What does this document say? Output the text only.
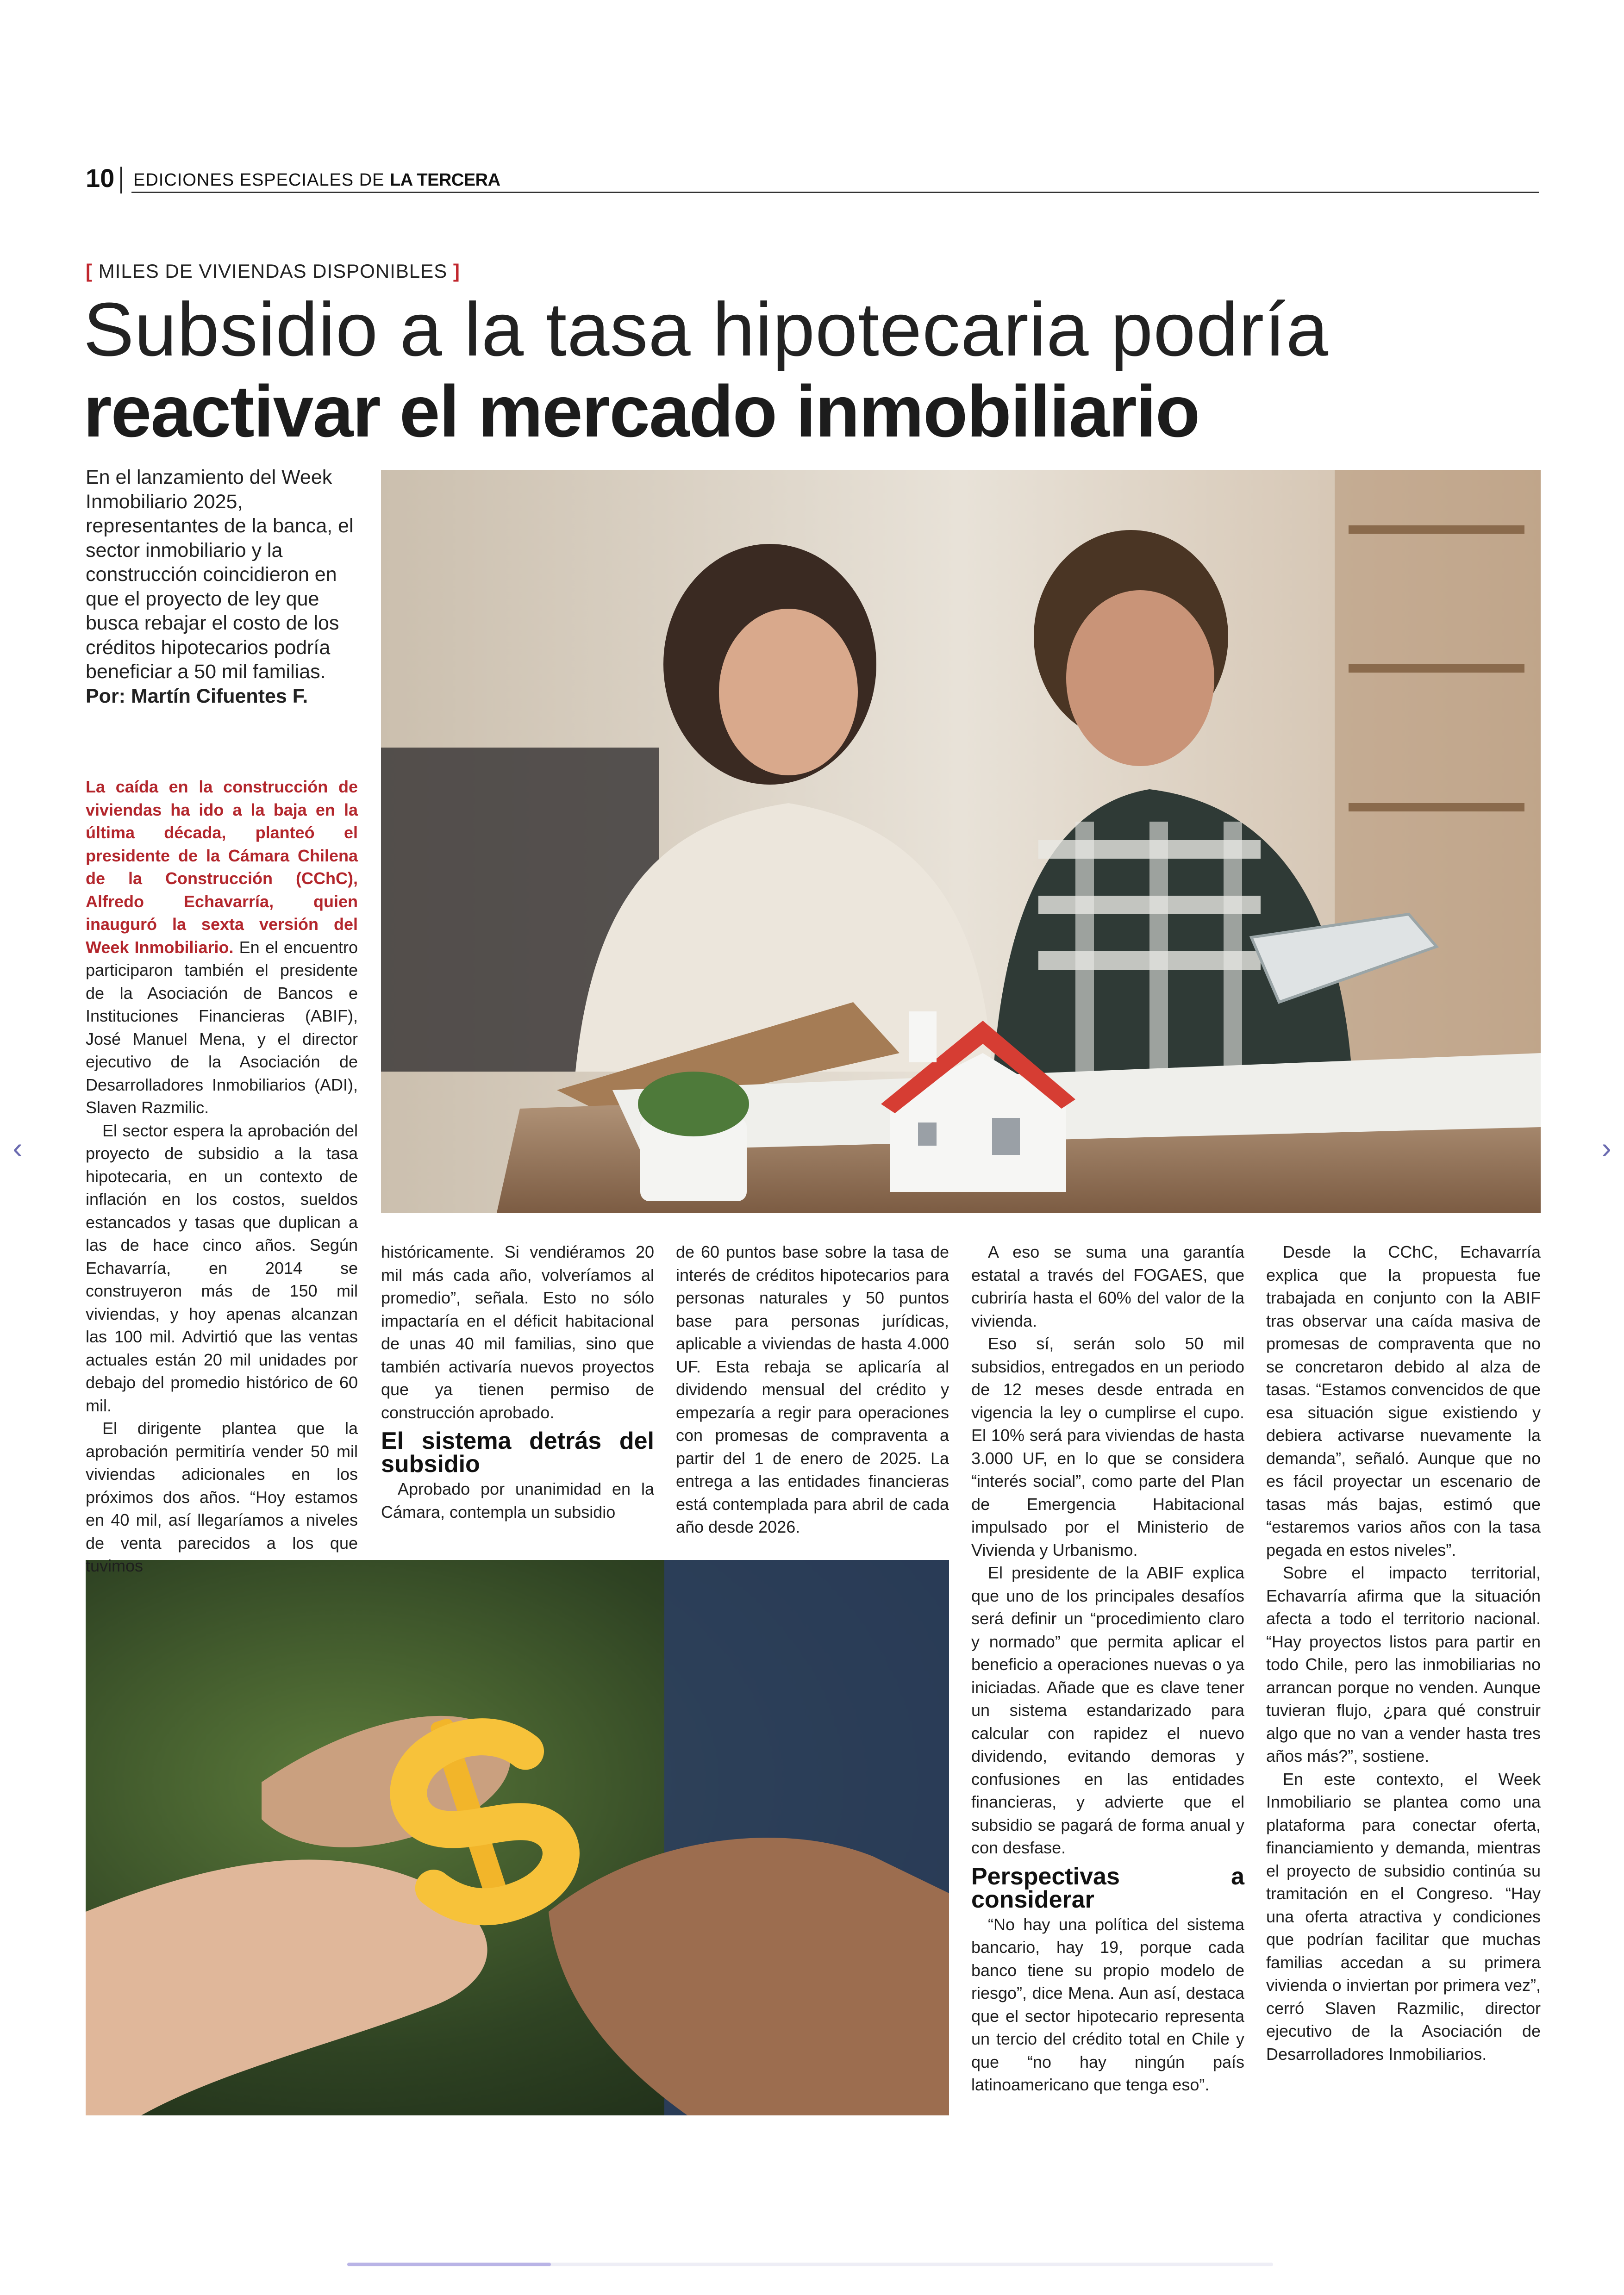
10 EDICIONES ESPECIALES DE LA TERCERA
[ MILES DE VIVIENDAS DISPONIBLES ]
Subsidio a la tasa hipotecaria podría
reactivar el mercado inmobiliario
En el lanzamiento del Week Inmobiliario 2025, representantes de la banca, el sector inmobiliario y la construcción coincidieron en que el proyecto de ley que busca rebajar el costo de los créditos hipotecarios podría beneficiar a 50 mil familias. Por: Martín Cifuentes F.

La caída en la construcción de viviendas ha ido a la baja en la última década, planteó el presidente de la Cámara Chilena de la Construcción (CChC), Alfredo Echavarría, quien inauguró la sexta versión del Week Inmobiliario. En el encuentro participaron también el presidente de la Asociación de Bancos e Instituciones Financieras (ABIF), José Manuel Mena, y el director ejecutivo de la Asociación de Desarrolladores Inmobiliarios (ADI), Slaven Razmilic.

El sector espera la aprobación del proyecto de subsidio a la tasa hipotecaria, en un contexto de inflación en los costos, sueldos estancados y tasas que duplican a las de hace cinco años. Según Echavarría, en 2014 se construyeron más de 150 mil viviendas, y hoy apenas alcanzan las 100 mil. Advirtió que las ventas actuales están 20 mil unidades por debajo del promedio histórico de 60 mil.

El dirigente plantea que la aprobación permitiría vender 50 mil viviendas adicionales en los próximos dos años. “Hoy estamos en 40 mil, así llegaríamos a niveles de venta parecidos a los que tuvimos

históricamente. Si vendiéramos 20 mil más cada año, volveríamos al promedio”, señala. Esto no sólo impactaría en el déficit habitacional de unas 40 mil familias, sino que también activaría nuevos proyectos que ya tienen permiso de construcción aprobado.

El sistema detrás del subsidio

Aprobado por unanimidad en la Cámara, contempla un subsidio

de 60 puntos base sobre la tasa de interés de créditos hipotecarios para personas naturales y 50 puntos base para personas jurídicas, aplicable a viviendas de hasta 4.000 UF. Esta rebaja se aplicaría al dividendo mensual del crédito y empezaría a regir para operaciones con promesas de compraventa a partir del 1 de enero de 2025. La entrega a las entidades financieras está contemplada para abril de cada año desde 2026.

A eso se suma una garantía estatal a través del FOGAES, que cubriría hasta el 60% del valor de la vivienda.

Eso sí, serán solo 50 mil subsidios, entregados en un periodo de 12 meses desde entrada en vigencia la ley o cumplirse el cupo. El 10% será para viviendas de hasta 3.000 UF, en lo que se considera “interés social”, como parte del Plan de Emergencia Habitacional impulsado por el Ministerio de Vivienda y Urbanismo.

El presidente de la ABIF explica que uno de los principales desafíos será definir un “procedimiento claro y normado” que permita aplicar el beneficio a operaciones nuevas o ya iniciadas. Añade que es clave tener un sistema estandarizado para calcular con rapidez el nuevo dividendo, evitando demoras y confusiones en las entidades financieras, y advierte que el subsidio se pagará de forma anual y con desfase.

Perspectivas a considerar

“No hay una política del sistema bancario, hay 19, porque cada banco tiene su propio modelo de riesgo”, dice Mena. Aun así, destaca que el sector hipotecario representa un tercio del crédito total en Chile y que “no hay ningún país latinoamericano que tenga eso”.

Desde la CChC, Echavarría explica que la propuesta fue trabajada en conjunto con la ABIF tras observar una caída masiva de promesas de compraventa que no se concretaron debido al alza de tasas. “Estamos convencidos de que esa situación sigue existiendo y debiera activarse nuevamente la demanda”, señaló. Aunque que no es fácil proyectar un escenario de tasas más bajas, estimó que “estaremos varios años con la tasa pegada en estos niveles”.

Sobre el impacto territorial, Echavarría afirma que la situación afecta a todo el territorio nacional. “Hay proyectos listos para partir en todo Chile, pero las inmobiliarias no arrancan porque no venden. Aunque tuvieran flujo, ¿para qué construir algo que no van a vender hasta tres años más?”, sostiene.

En este contexto, el Week Inmobiliario se plantea como una plataforma para conectar oferta, financiamiento y demanda, mientras el proyecto de subsidio continúa su tramitación en el Congreso. “Hay una oferta atractiva y condiciones que podrían facilitar que muchas familias accedan a su primera vivienda o inviertan por primera vez”, cerró Slaven Razmilic, director ejecutivo de la Asociación de Desarrolladores Inmobiliarios.

‹	›
